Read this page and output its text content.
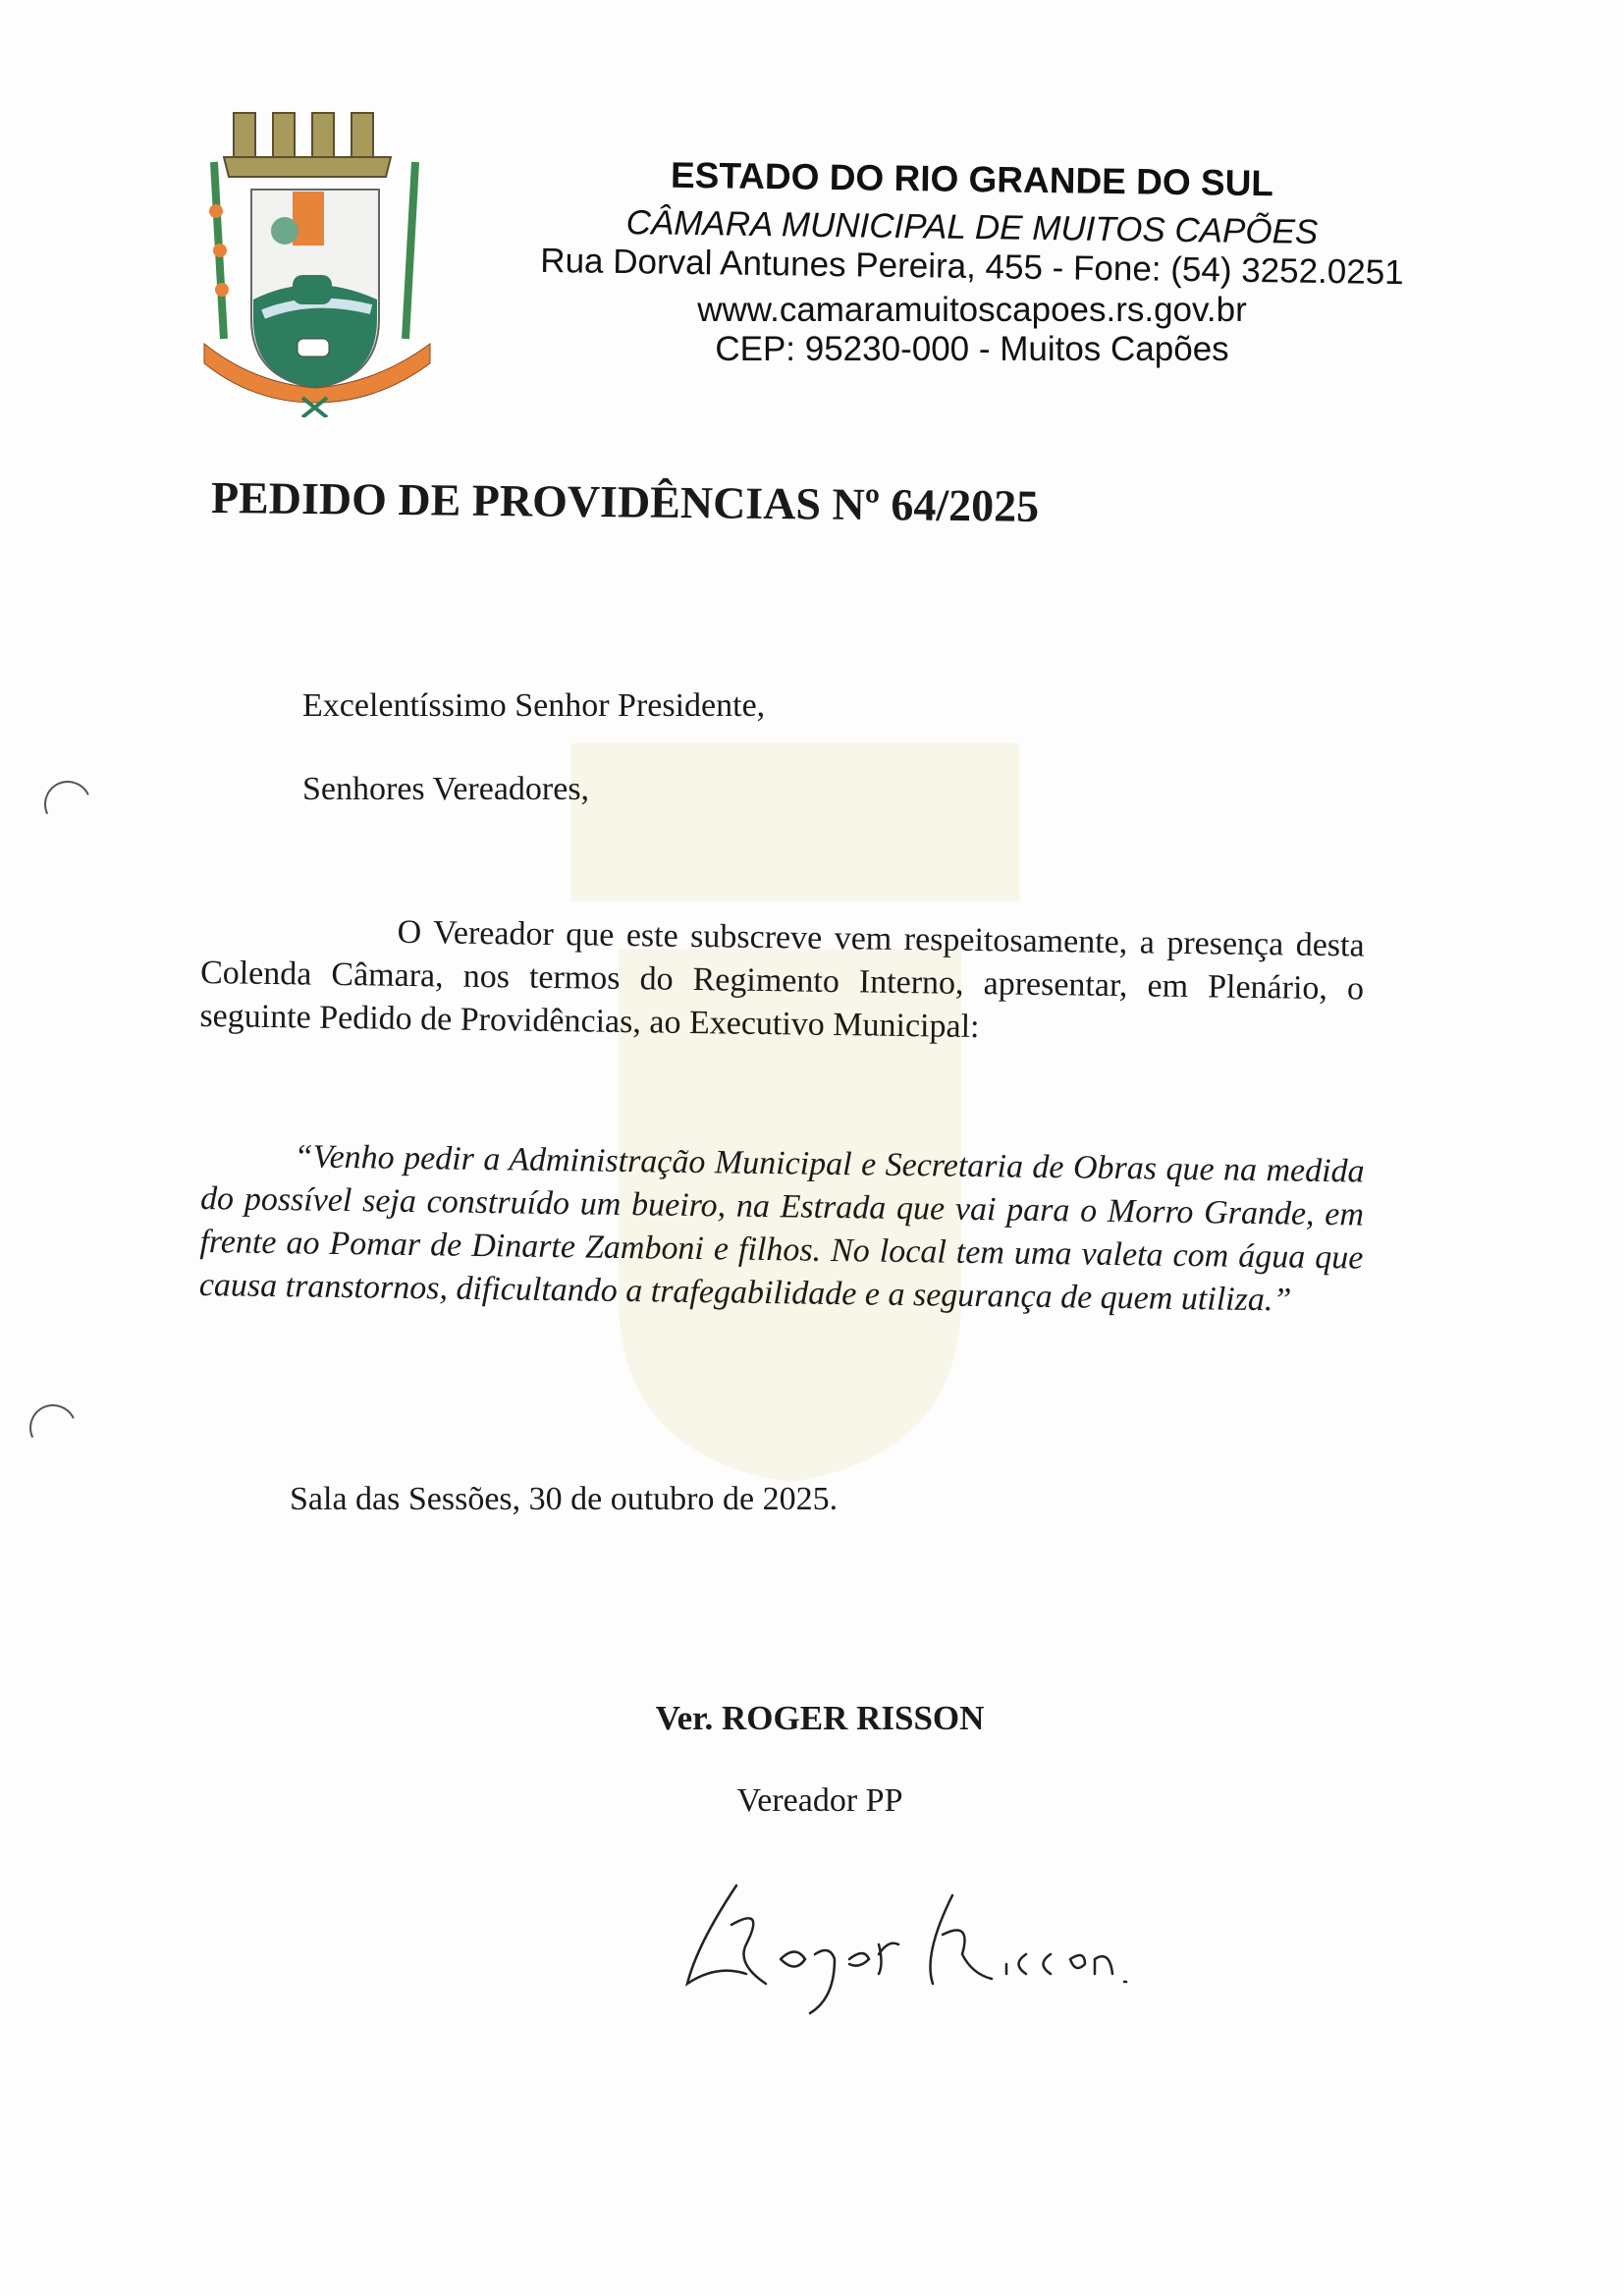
ESTADO DO RIO GRANDE DO SUL
CÂMARA MUNICIPAL DE MUITOS CAPÕES
Rua Dorval Antunes Pereira, 455 - Fone: (54) 3252.0251
www.camaramuitoscapoes.rs.gov.br
CEP: 95230-000 - Muitos Capões
PEDIDO DE PROVIDÊNCIAS Nº 64/2025
Excelentíssimo Senhor Presidente,
Senhores Vereadores,
O Vereador que este subscreve vem respeitosamente, a presença desta Colenda Câmara, nos termos do Regimento Interno, apresentar, em Plenário, o seguinte Pedido de Providências, ao Executivo Municipal:
“Venho pedir a Administração Municipal e Secretaria de Obras que na medida do possível seja construído um bueiro, na Estrada que vai para o Morro Grande, em frente ao Pomar de Dinarte Zamboni e filhos. No local tem uma valeta com água que causa transtornos, dificultando a trafegabilidade e a segurança de quem utiliza.”
Sala das Sessões, 30 de outubro de 2025.
Ver. ROGER RISSON
Vereador PP
